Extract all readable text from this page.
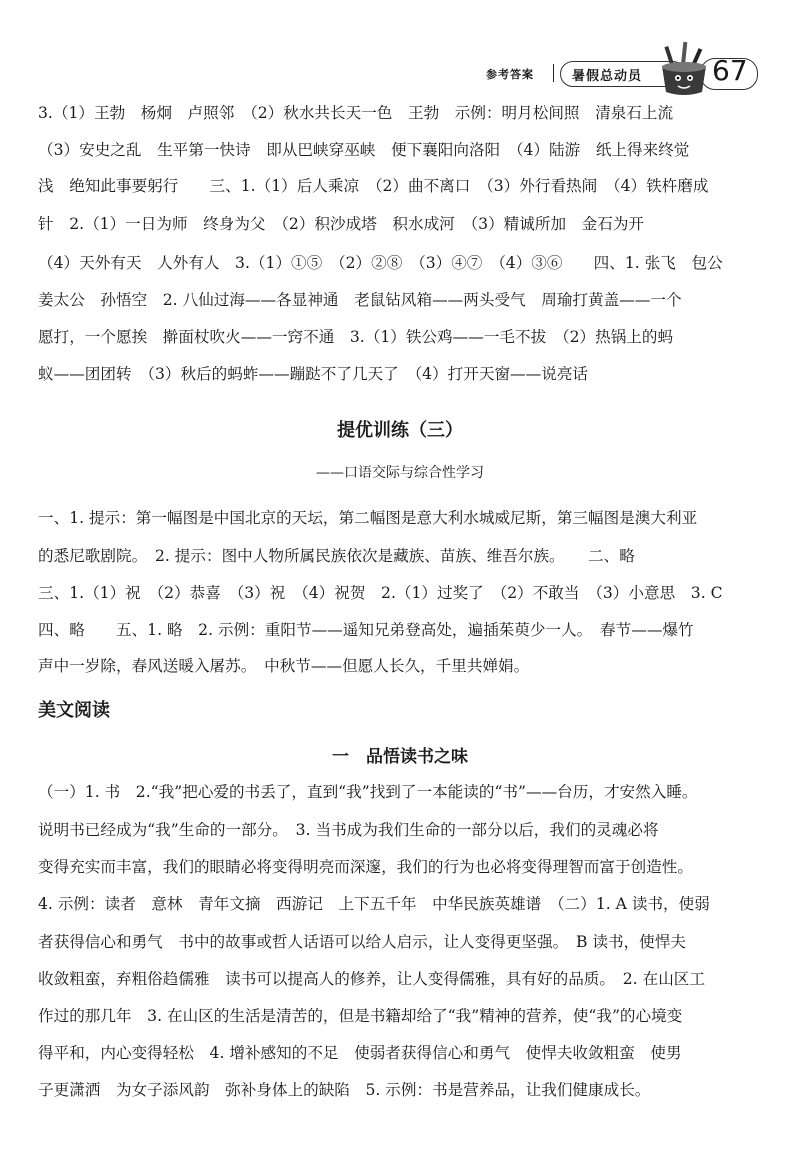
参考答案	暑假总动员 67
3.（1）王勃　杨炯　卢照邻　（2）秋水共长天一色　王勃　示例：明月松间照　清泉石上流
（3）安史之乱　生平第一快诗　即从巴峡穿巫峡　便下襄阳向洛阳　（4）陆游　纸上得来终觉
浅　绝知此事要躬行　　三、1.（1）后人乘凉　（2）曲不离口　（3）外行看热闹　（4）铁杵磨成
针　2.（1）一日为师　终身为父　（2）积沙成塔　积水成河　（3）精诚所加　金石为开
（4）天外有天　人外有人　3.（1）①⑤　（2）②⑧　（3）④⑦　（4）③⑥　　四、1. 张飞　包公
姜太公　孙悟空　2. 八仙过海——各显神通　老鼠钻风箱——两头受气　周瑜打黄盖——一个
愿打，一个愿挨　擀面杖吹火——一窍不通　3.（1）铁公鸡——一毛不拔　（2）热锅上的蚂
蚁——团团转　（3）秋后的蚂蚱——蹦跶不了几天了　（4）打开天窗——说亮话
提优训练（三）
——口语交际与综合性学习
一、1. 提示：第一幅图是中国北京的天坛，第二幅图是意大利水城威尼斯，第三幅图是澳大利亚
的悉尼歌剧院。　2. 提示：图中人物所属民族依次是藏族、苗族、维吾尔族。　　二、略
三、1.（1）祝　（2）恭喜　（3）祝　（4）祝贺　2.（1）过奖了　（2）不敢当　（3）小意思　3. C
四、略　　五、1. 略　2. 示例：重阳节——遥知兄弟登高处，遍插茱萸少一人。　春节——爆竹
声中一岁除，春风送暖入屠苏。　中秋节——但愿人长久，千里共婵娟。
美文阅读
一　品悟读书之味
（一）1. 书　2.“我”把心爱的书丢了，直到“我”找到了一本能读的“书”——台历，才安然入睡。
说明书已经成为“我”生命的一部分。　3. 当书成为我们生命的一部分以后，我们的灵魂必将
变得充实而丰富，我们的眼睛必将变得明亮而深邃，我们的行为也必将变得理智而富于创造性。
4. 示例：读者　意林　青年文摘　西游记　上下五千年　中华民族英雄谱　（二）1. A 读书，使弱
者获得信心和勇气　书中的故事或哲人话语可以给人启示，让人变得更坚强。　B 读书，使悍夫
收敛粗蛮，弃粗俗趋儒雅　读书可以提高人的修养，让人变得儒雅，具有好的品质。　2. 在山区工
作过的那几年　3. 在山区的生活是清苦的，但是书籍却给了“我”精神的营养，使“我”的心境变
得平和，内心变得轻松　4. 增补感知的不足　使弱者获得信心和勇气　使悍夫收敛粗蛮　使男
子更潇洒　为女子添风韵　弥补身体上的缺陷　5. 示例：书是营养品，让我们健康成长。
